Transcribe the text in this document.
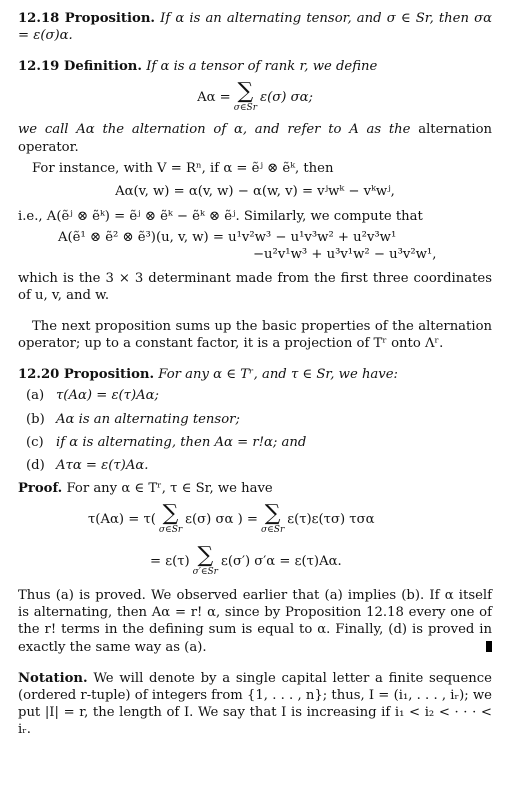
12.18 Proposition. If α is an alternating tensor, and σ ∈ Sr, then σα = ε(σ)α.

12.19 Definition. If α is a tensor of rank r, we define

Aα = ∑
σ∈Sr
ε(σ) σα;

we call Aα the alternation of α, and refer to A as the alternation operator.

For instance, with V = Rⁿ, if α = ẽʲ ⊗ ẽᵏ, then

Aα(v, w) = α(v, w) − α(w, v) = vʲwᵏ − vᵏwʲ,

i.e., A(ẽʲ ⊗ ẽᵏ) = ẽʲ ⊗ ẽᵏ − ẽᵏ ⊗ ẽʲ. Similarly, we compute that

A(ẽ¹ ⊗ ẽ² ⊗ ẽ³)(u, v, w) = u¹v²w³ − u¹v³w² + u²v³w¹
−u²v¹w³ + u³v¹w² − u³v²w¹,

which is the 3 × 3 determinant made from the first three coordinates of u, v, and w.

The next proposition sums up the basic properties of the alternation operator; up to a constant factor, it is a projection of Tʳ onto Λʳ.

12.20 Proposition. For any α ∈ Tʳ, and τ ∈ Sr, we have:

(a) τ(Aα) = ε(τ)Aα;
(b) Aα is an alternating tensor;
(c) if α is alternating, then Aα = r!α; and
(d) Aτα = ε(τ)Aα.

Proof. For any α ∈ Tʳ, τ ∈ Sr, we have

τ(Aα) = τ( ∑
σ∈Sr
ε(σ) σα ) = ∑
σ∈Sr
ε(τ)ε(τσ) τσα
= ε(τ) ∑
σ′∈Sr
ε(σ′) σ′α = ε(τ)Aα.

Thus (a) is proved. We observed earlier that (a) implies (b). If α itself is alternating, then Aα = r! α, since by Proposition 12.18 every one of the r! terms in the defining sum is equal to α. Finally, (d) is proved in exactly the same way as (a).

Notation. We will denote by a single capital letter a finite sequence (ordered r-tuple) of integers from {1, . . . , n}; thus, I = (i₁, . . . , iᵣ); we put |I| = r, the length of I. We say that I is increasing if i₁ < i₂ < · · · < iᵣ.
